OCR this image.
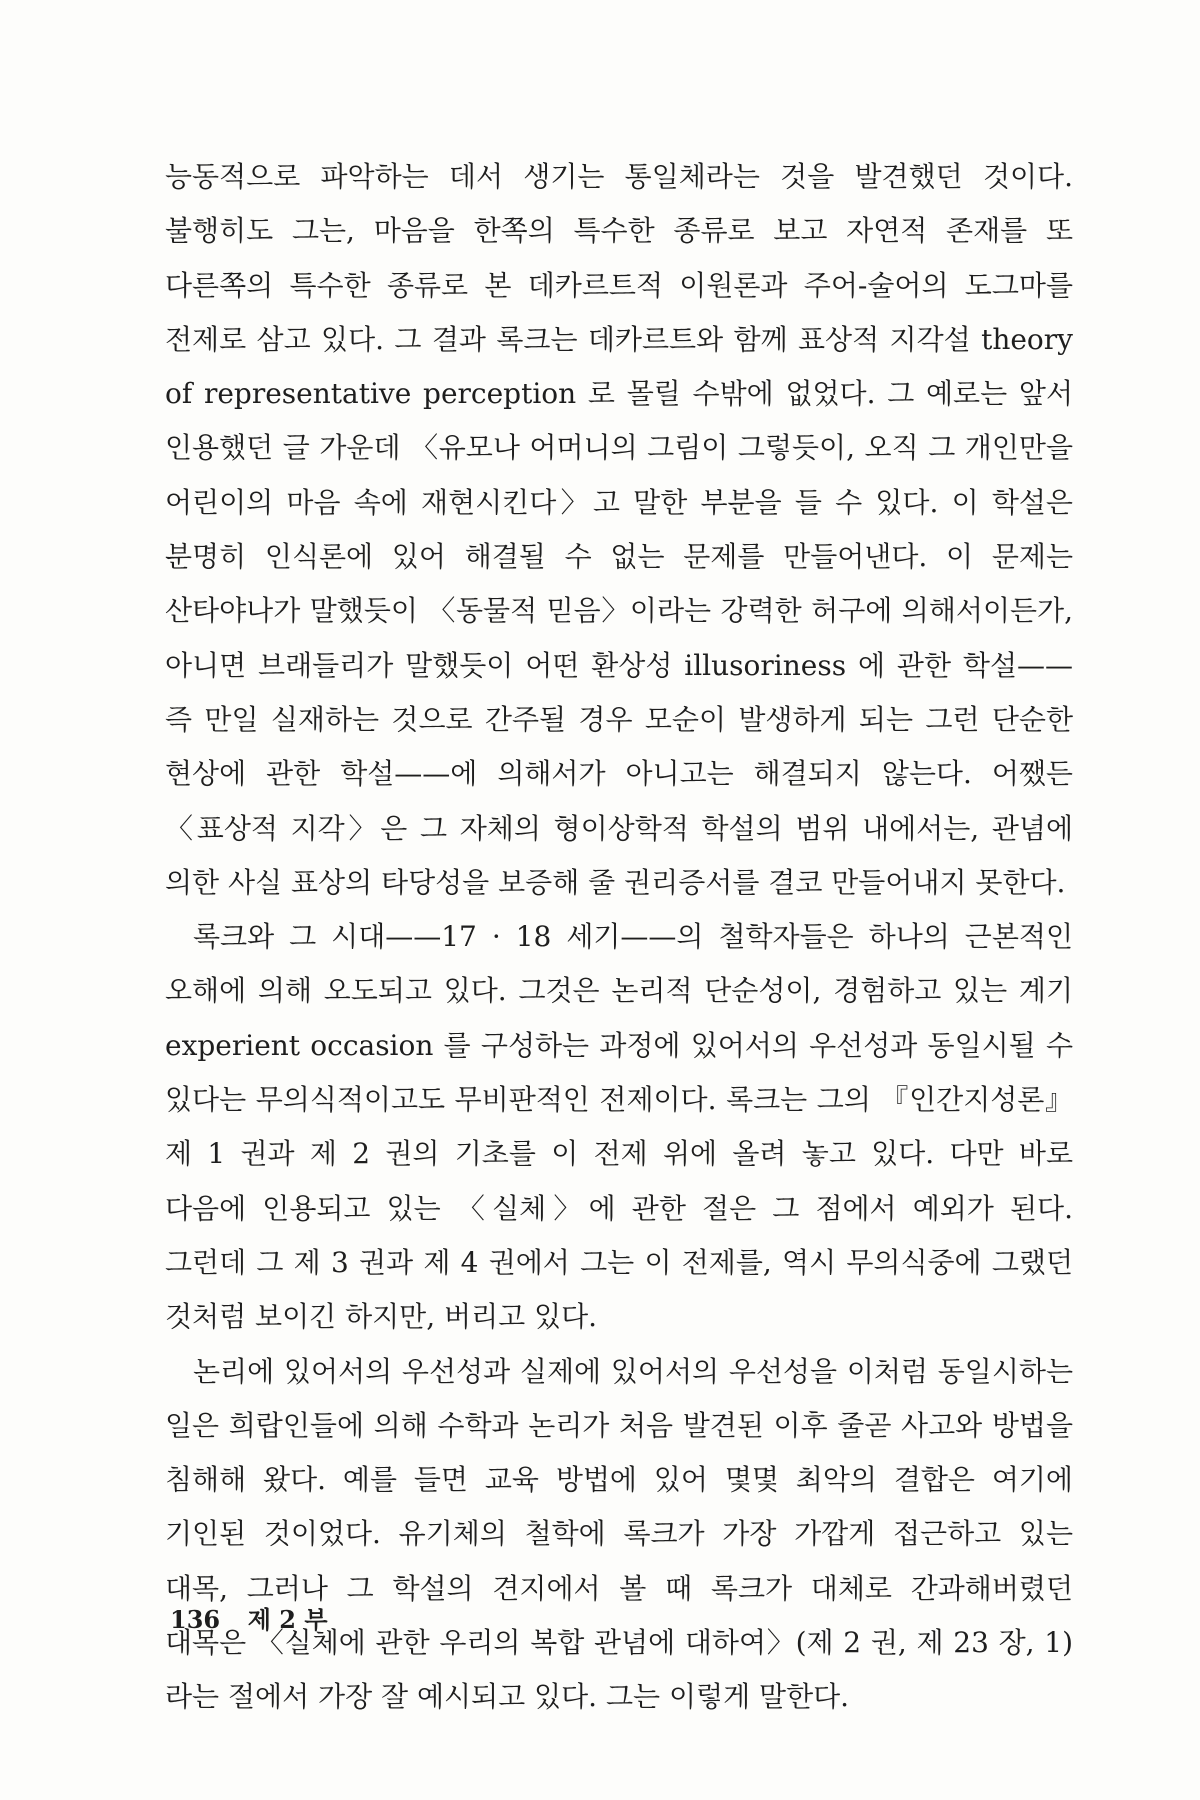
능동적으로 파악하는 데서 생기는 통일체라는 것을 발견했던 것이다. 불행히도 그는, 마음을 한쪽의 특수한 종류로 보고 자연적 존재를 또 다른쪽의 특수한 종류로 본 데카르트적 이원론과 주어-술어의 도그마를 전제로 삼고 있다. 그 결과 록크는 데카르트와 함께 표상적 지각설 theory of representative perception 로 몰릴 수밖에 없었다. 그 예로는 앞서 인용했던 글 가운데 〈유모나 어머니의 그림이 그렇듯이, 오직 그 개인만을 어린이의 마음 속에 재현시킨다〉고 말한 부분을 들 수 있다. 이 학설은 분명히 인식론에 있어 해결될 수 없는 문제를 만들어낸다. 이 문제는 산타야나가 말했듯이 〈동물적 믿음〉이라는 강력한 허구에 의해서이든가, 아니면 브래들리가 말했듯이 어떤 환상성 illusoriness 에 관한 학설——즉 만일 실재하는 것으로 간주될 경우 모순이 발생하게 되는 그런 단순한 현상에 관한 학설——에 의해서가 아니고는 해결되지 않는다. 어쨌든 〈표상적 지각〉은 그 자체의 형이상학적 학설의 범위 내에서는, 관념에 의한 사실 표상의 타당성을 보증해 줄 권리증서를 결코 만들어내지 못한다.

록크와 그 시대——17 · 18 세기——의 철학자들은 하나의 근본적인 오해에 의해 오도되고 있다. 그것은 논리적 단순성이, 경험하고 있는 계기 experient occasion 를 구성하는 과정에 있어서의 우선성과 동일시될 수 있다는 무의식적이고도 무비판적인 전제이다. 록크는 그의 『인간지성론』 제 1 권과 제 2 권의 기초를 이 전제 위에 올려 놓고 있다. 다만 바로 다음에 인용되고 있는 〈실체〉에 관한 절은 그 점에서 예외가 된다. 그런데 그 제 3 권과 제 4 권에서 그는 이 전제를, 역시 무의식중에 그랬던 것처럼 보이긴 하지만, 버리고 있다.

논리에 있어서의 우선성과 실제에 있어서의 우선성을 이처럼 동일시하는 일은 희랍인들에 의해 수학과 논리가 처음 발견된 이후 줄곧 사고와 방법을 침해해 왔다. 예를 들면 교육 방법에 있어 몇몇 최악의 결합은 여기에 기인된 것이었다. 유기체의 철학에 록크가 가장 가깝게 접근하고 있는 대목, 그러나 그 학설의 견지에서 볼 때 록크가 대체로 간과해버렸던 대목은 〈실체에 관한 우리의 복합 관념에 대하여〉(제 2 권, 제 23 장, 1)라는 절에서 가장 잘 예시되고 있다. 그는 이렇게 말한다.

136 제 2 부
